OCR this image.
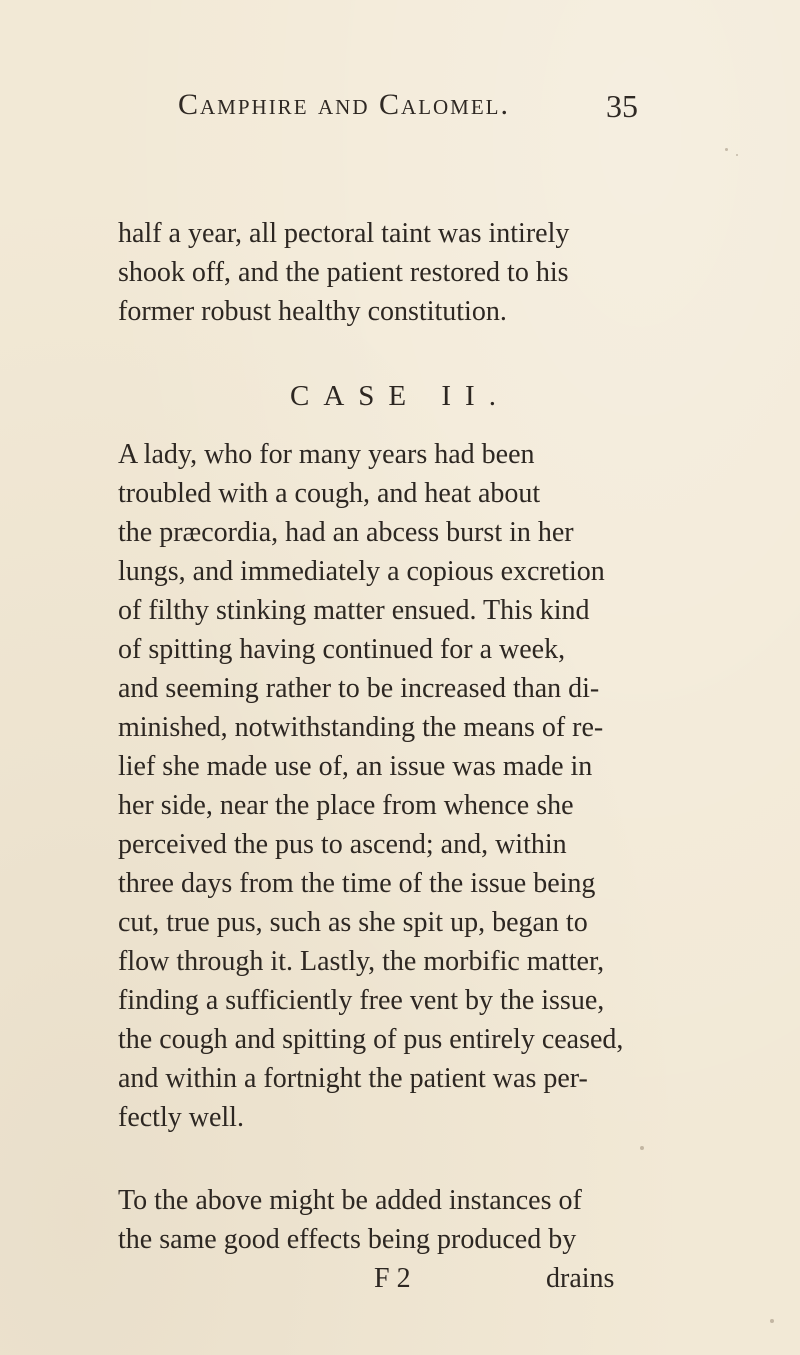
Camphire and Calomel.	35
half a year, all pectoral taint was intirely
shook off, and the patient restored to his
former robust healthy constitution.
CASE II.
A lady, who for many years had been
troubled with a cough, and heat about
the præcordia, had an abcess burst in her
lungs, and immediately a copious excretion
of filthy stinking matter ensued. This kind
of spitting having continued for a week,
and seeming rather to be increased than di-
minished, notwithstanding the means of re-
lief she made use of, an issue was made in
her side, near the place from whence she
perceived the pus to ascend; and, within
three days from the time of the issue being
cut, true pus, such as she spit up, began to
flow through it. Lastly, the morbific matter,
finding a sufficiently free vent by the issue,
the cough and spitting of pus entirely ceased,
and within a fortnight the patient was per-
fectly well.
To the above might be added instances of
the same good effects being produced by
F 2	drains
